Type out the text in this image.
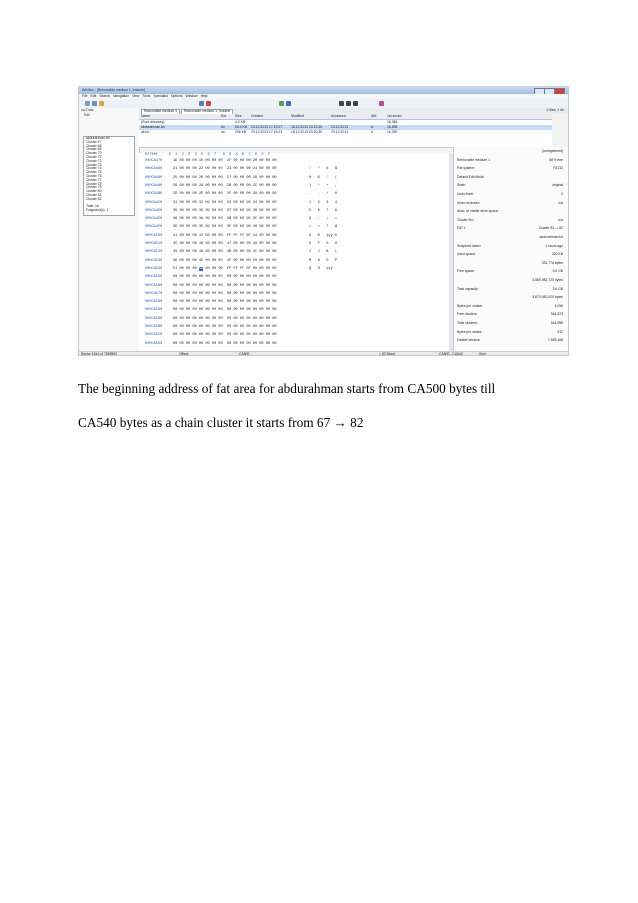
WinHex - [Removable medium 1, Volume]
File Edit Search Navigation View Tools Specialist Options Window Help
ow Data
Edit
abdurahman.txt
Cluster 67
Cluster 68
Cluster 69
Cluster 70
Cluster 71
Cluster 72
Cluster 73
Cluster 74
Cluster 75
Cluster 76
Cluster 77
Cluster 78
Cluster 79
Cluster 80
Cluster 81
Cluster 82
Total: 16
Fragment(s): 1
Removable medium 1	Removable medium 1, Volume	2 files, 1 dir
Name	Ext. Size	Created	Modified	Accessed	Attr.	1st sector
(Root directory)	4.0 KB	16,384
abdurahman.txt	txt	64.0 KB 23.12.2013 17:19:27	18.12.2013 23:13:45	23.12.2013	A	16,896
ali.txt	txt	256 KB 23.12.2013 17:19:23	18.12.2013 23:20:30	23.12.2013	A	16,392
Offset     0  1  2  3  4  5  6  7   8  9  A  B  C  D  E  F
000CA470	1D 00 00 00 1E 00 00 00  1F 00 00 00 20 00 00 00

000CA480	21 00 00 00 22 00 00 00  23 00 00 00 24 00 00 00	!   "   #   $
000CA490	25 00 00 00 26 00 00 00  27 00 00 00 28 00 00 00	%   &   '   (
000CA4A0	29 00 00 00 2A 00 00 00  2B 00 00 00 2C 00 00 00	)   *   +   ,
000CA4B0	2D 00 00 00 2E 00 00 00  2F 00 00 00 30 00 00 00	-   .   /   0
000CA4C0	31 00 00 00 32 00 00 00  33 00 00 00 34 00 00 00	1   2   3   4
000CA4D0	35 00 00 00 36 00 00 00  37 00 00 00 38 00 00 00	5   6   7   8
000CA4E0	39 00 00 00 3A 00 00 00  3B 00 00 00 3C 00 00 00	9   :   ;   <
000CA4F0	3D 00 00 00 3E 00 00 00  3F 00 00 00 40 00 00 00	=   >   ?   @
000CA500	41 00 00 00 42 00 00 00  FF FF FF 0F 44 00 00 00	A   B   ÿÿÿ D
000CA510	45 00 00 00 46 00 00 00  47 00 00 00 48 00 00 00	E   F   G   H
000CA520	49 00 00 00 4A 00 00 00  4B 00 00 00 4C 00 00 00	I   J   K   L
000CA530	4D 00 00 00 4E 00 00 00  4F 00 00 00 50 00 00 00	M   N   O   P
000CA540	51 00 00 00 52 00 00 00  FF FF FF 0F 00 00 00 00	Q   R   ÿÿÿ
000CA550	00 00 00 00 00 00 00 00  00 00 00 00 00 00 00 00
000CA560	00 00 00 00 00 00 00 00  00 00 00 00 00 00 00 00
000CA570	00 00 00 00 00 00 00 00  00 00 00 00 00 00 00 00
000CA580	00 00 00 00 00 00 00 00  00 00 00 00 00 00 00 00
000CA590	00 00 00 00 00 00 00 00  00 00 00 00 00 00 00 00
000CA5A0	00 00 00 00 00 00 00 00  00 00 00 00 00 00 00 00
000CA5B0	00 00 00 00 00 00 00 00  00 00 00 00 00 00 00 00
000CA5C0	00 00 00 00 00 00 00 00  00 00 00 00 00 00 00 00
000CA5D0	00 00 00 00 00 00 00 00  00 00 00 00 00 00 00 00
[unregistered]
Removable medium 1	66% free
File system:	FAT32
Default Edit Mode
State:	original
Undo level:	0
Undo reverses:	n/a
Alloc. of visible drive space:
Cluster No.:	n/a
FAT 1	Cluster 81 -> 82
abdurahman.txt
Snapshot taken	1 hours ago
Used space:	320 KB
331,776 bytes
Free space:	3.6 GB
3,869,982,720 bytes
Total capacity:	3.6 GB
3,870,982,620 bytes
Bytes per cluster:	4,096
Free clusters:	944,823
Total clusters:	944,896
Bytes per sector:	512
Usable sectors:	7,559,168
Sector 1614 of 7559592	Offset:	CA500	= 82 Block:	CA500 - CA540	Size:
The beginning address of fat area for abdurahman starts from CA500 bytes till
CA540 bytes as a chain cluster it starts from 67 → 82
